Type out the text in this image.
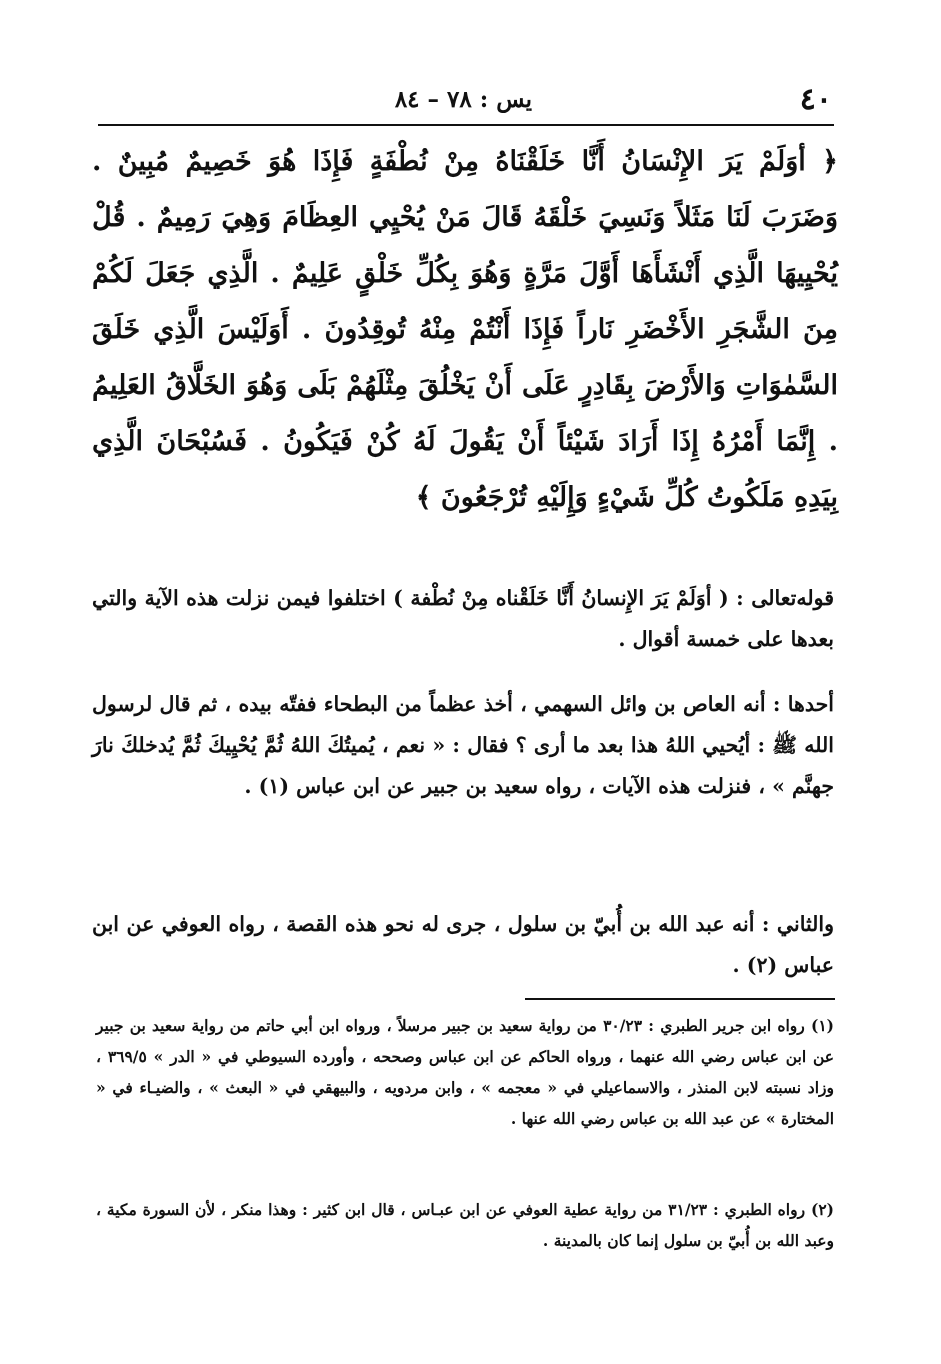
٤٠
يس : ٧٨ – ٨٤
﴿ أوَلَمْ يَرَ الإِنْسَانُ أَنَّا خَلَقْنَاهُ مِنْ نُطْفَةٍ فَإِذَا هُوَ خَصِيمٌ مُبِينٌ . وَضَرَبَ لَنَا مَثَلاً وَنَسِيَ خَلْقَهُ قَالَ مَنْ يُحْيِي العِظَامَ وَهِيَ رَمِيمٌ . قُلْ يُحْيِيهَا الَّذِي أَنْشَأَهَا أَوَّلَ مَرَّةٍ وَهُوَ بِكُلِّ خَلْقٍ عَلِيمٌ . الَّذِي جَعَلَ لَكُمْ مِنَ الشَّجَرِ الأَخْضَرِ نَاراً فَإِذَا أَنْتُمْ مِنْهُ تُوقِدُونَ . أَوَلَيْسَ الَّذِي خَلَقَ السَّمٰوَاتِ وَالأَرْضَ بِقَادِرٍ عَلَى أَنْ يَخْلُقَ مِثْلَهُمْ بَلَى وَهُوَ الخَلَّاقُ العَلِيمُ . إِنَّمَا أَمْرُهُ إِذَا أَرَادَ شَيْئاً أَنْ يَقُولَ لَهُ كُنْ فَيَكُونُ . فَسُبْحَانَ الَّذِي بِيَدِهِ مَلَكُوتُ كُلِّ شَيْءٍ وَإِلَيْهِ تُرْجَعُونَ ﴾
قوله‌تعالى : ( أوَلَمْ يَرَ الإِنسانُ أَنَّا خَلَقْناه مِنْ نُطْفة ) اختلفوا فيمن نزلت هذه الآية والتي بعدها على خمسة أقوال .
أحدها : أنه العاص بن وائل السهمي ، أخذ عظماً من البطحاء ففتّه بيده ، ثم قال لرسول الله ﷺ : أيُحيي اللهُ هذا بعد ما أرى ؟ فقال : « نعم ، يُميتُكَ اللهُ ثُمَّ يُحْيِيكَ ثُمَّ يُدخلكَ نارَ جهنَّم » ، فنزلت هذه الآيات ، رواه سعيد بن جبير عن ابن عباس (١) .
والثاني : أنه عبد الله بن أُبيّ بن سلول ، جرى له نحو هذه القصة ، رواه العوفي عن ابن عباس (٢) .
(١) رواه ابن جرير الطبري : ٣٠/٢٣ من رواية سعيد بن جبير مرسلاً ، ورواه ابن أبي حاتم من رواية سعيد بن جبير عن ابن عباس رضي الله عنهما ، ورواه الحاكم عن ابن عباس وصححه ، وأورده السيوطي في « الدر » ٣٦٩/٥ ، وزاد نسبته لابن المنذر ، والاسماعيلي في « معجمه » ، وابن مردويه ، والبيهقي في « البعث » ، والضيـاء في « المختارة » عن عبد الله بن عباس رضي الله عنها .
(٢) رواه الطبري : ٣١/٢٣ من رواية عطية العوفي عن ابن عبـاس ، قال ابن كثير : وهذا منكر ، لأن السورة مكية ، وعبد الله بن أُبيّ بن سلول إنما كان بالمدينة .
